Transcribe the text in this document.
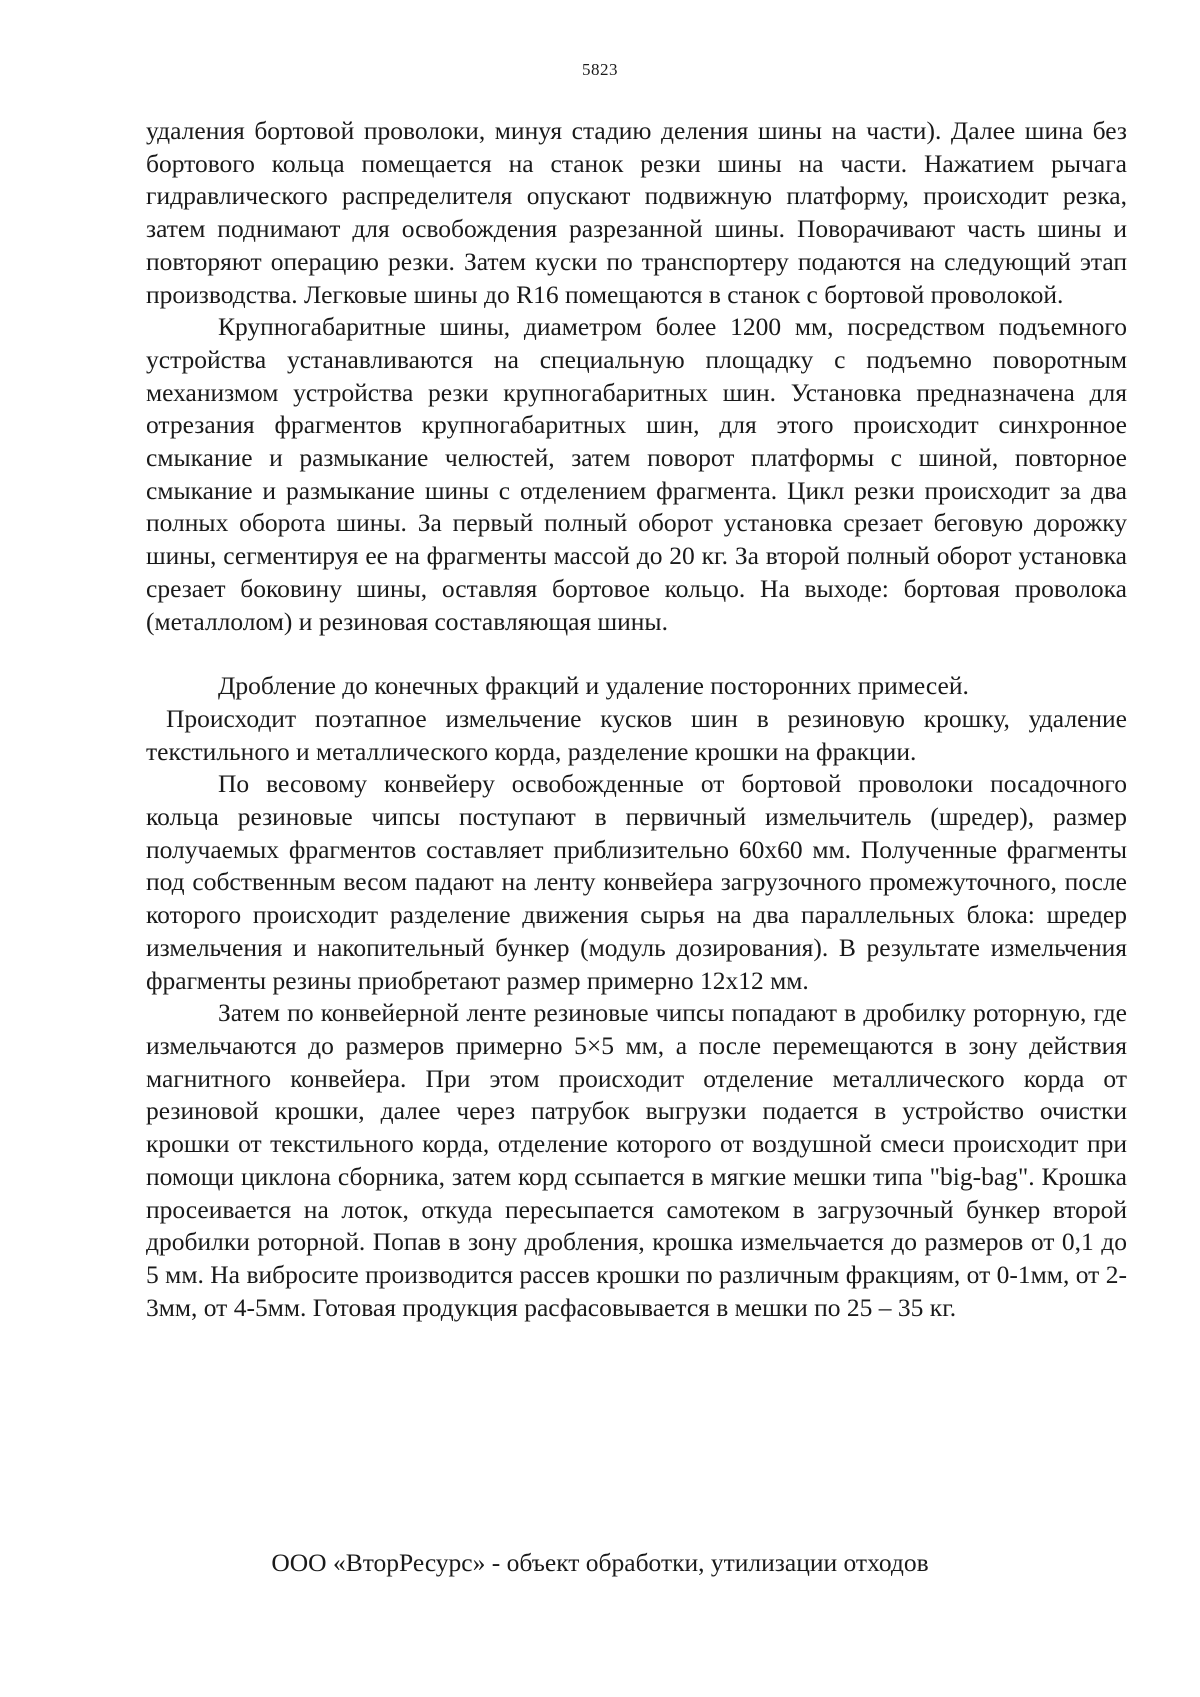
5823

удаления бортовой проволоки, минуя стадию деления шины на части). Далее шина без бортового кольца помещается на станок резки шины на части. Нажатием рычага гидравлического распределителя опускают подвижную платформу, происходит резка, затем поднимают для освобождения разрезанной шины. Поворачивают часть шины и повторяют операцию резки. Затем куски по транспортеру подаются на следующий этап производства. Легковые шины до R16 помещаются в станок с бортовой проволокой.

Крупногабаритные шины, диаметром более 1200 мм, посредством подъемного устройства устанавливаются на специальную площадку с подъемно поворотным механизмом устройства резки крупногабаритных шин. Установка предназначена для отрезания фрагментов крупногабаритных шин, для этого происходит синхронное смыкание и размыкание челюстей, затем поворот платформы с шиной, повторное смыкание и размыкание шины с отделением фрагмента. Цикл резки происходит за два полных оборота шины. За первый полный оборот установка срезает беговую дорожку шины, сегментируя ее на фрагменты массой до 20 кг. За второй полный оборот установка срезает боковину шины, оставляя бортовое кольцо. На выходе: бортовая проволока (металлолом) и резиновая составляющая шины.

Дробление до конечных фракций и удаление посторонних примесей.

Происходит поэтапное измельчение кусков шин в резиновую крошку, удаление текстильного и металлического корда, разделение крошки на фракции.

По весовому конвейеру освобожденные от бортовой проволоки посадочного кольца резиновые чипсы поступают в первичный измельчитель (шредер), размер получаемых фрагментов составляет приблизительно 60х60 мм. Полученные фрагменты под собственным весом падают на ленту конвейера загрузочного промежуточного, после которого происходит разделение движения сырья на два параллельных блока: шредер измельчения и накопительный бункер (модуль дозирования). В результате измельчения фрагменты резины приобретают размер примерно 12х12 мм.

Затем по конвейерной ленте резиновые чипсы попадают в дробилку роторную, где измельчаются до размеров примерно 5×5 мм, а после перемещаются в зону действия магнитного конвейера. При этом происходит отделение металлического корда от резиновой крошки, далее через патрубок выгрузки подается в устройство очистки крошки от текстильного корда, отделение которого от воздушной смеси происходит при помощи циклона сборника, затем корд ссыпается в мягкие мешки типа "big-bag". Крошка просеивается на лоток, откуда пересыпается самотеком в загрузочный бункер второй дробилки роторной. Попав в зону дробления, крошка измельчается до размеров от 0,1 до 5 мм. На вибросите производится рассев крошки по различным фракциям, от 0-1мм, от 2-3мм, от 4-5мм. Готовая продукция расфасовывается в мешки по 25 – 35 кг.

ООО «ВторРесурс» - объект обработки, утилизации отходов
